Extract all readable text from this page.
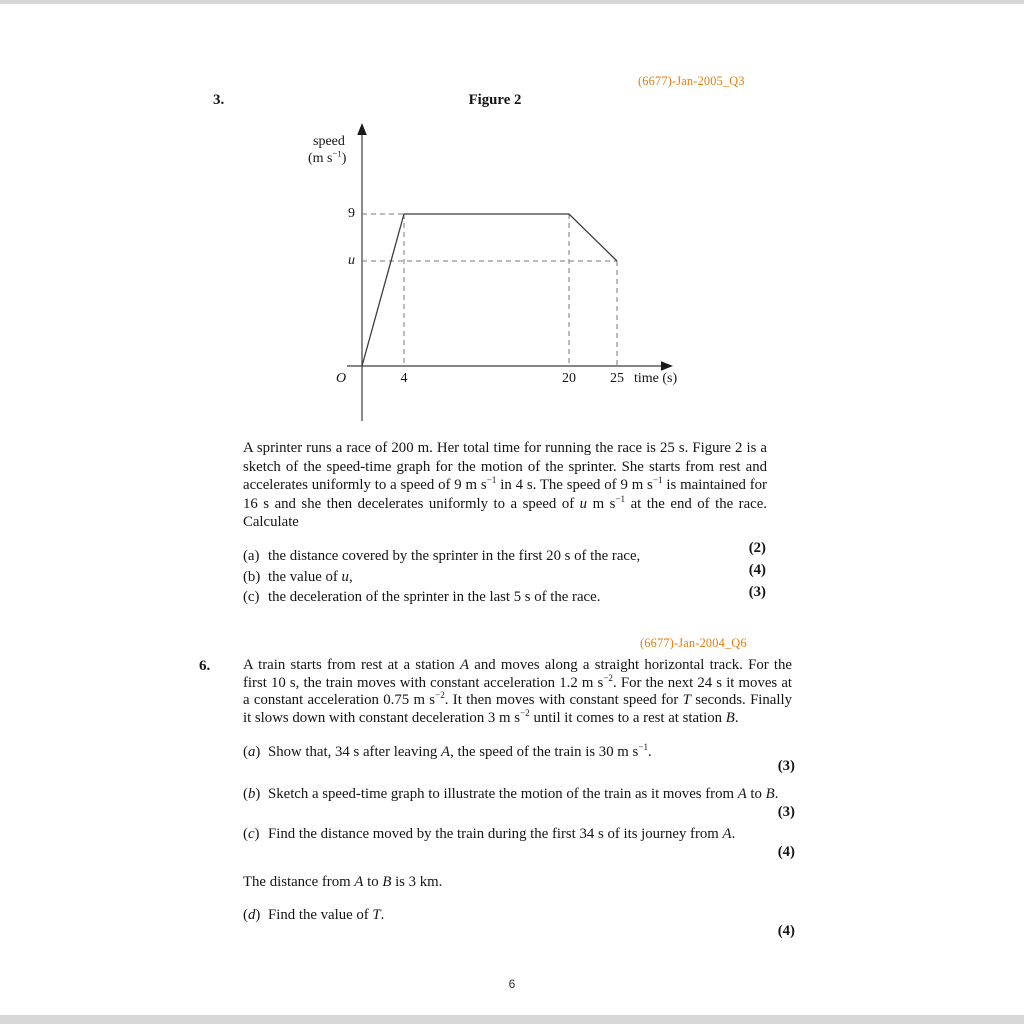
(6677)-Jan-2005_Q3
3.	Figure 2
speed
(m $s^{-1}$)
9
u
O	4	20 25 time (s)
A sprinter runs a race of 200 m. Her total time for running the race is 25 s. Figure 2 is a sketch of the speed-time graph for the motion of the sprinter. She starts from rest and accelerates uniformly to a speed of 9 m $s^{-1}$ in 4 s. The speed of 9 m $s^{-1}$ is maintained for 16 s and she then decelerates uniformly to a speed of u m $s^{-1}$ at the end of the race. Calculate
(a) the distance covered by the sprinter in the first 20 s of the race,
(b) the value of u,
(c) the deceleration of the sprinter in the last 5 s of the race.
(2)
(4)
(3)
(6677)-Jan-2004_Q6
6. A train starts from rest at a station A and moves along a straight horizontal track. For the first 10 s, the train moves with constant acceleration 1.2 m $s^{-2}$. For the next 24 s it moves at a constant acceleration 0.75 m $s^{-2}$. It then moves with constant speed for T seconds. Finally it slows down with constant deceleration 3 m $s^{-2}$ until it comes to a rest at station B.
(a) Show that, 34 s after leaving A, the speed of the train is 30 m $s^{-1}$.
(3)
(b) Sketch a speed-time graph to illustrate the motion of the train as it moves from A to B.
(3)
(c) Find the distance moved by the train during the first 34 s of its journey from A.
(4)
The distance from A to B is 3 km.
(d) Find the value of T.
(4)
6
